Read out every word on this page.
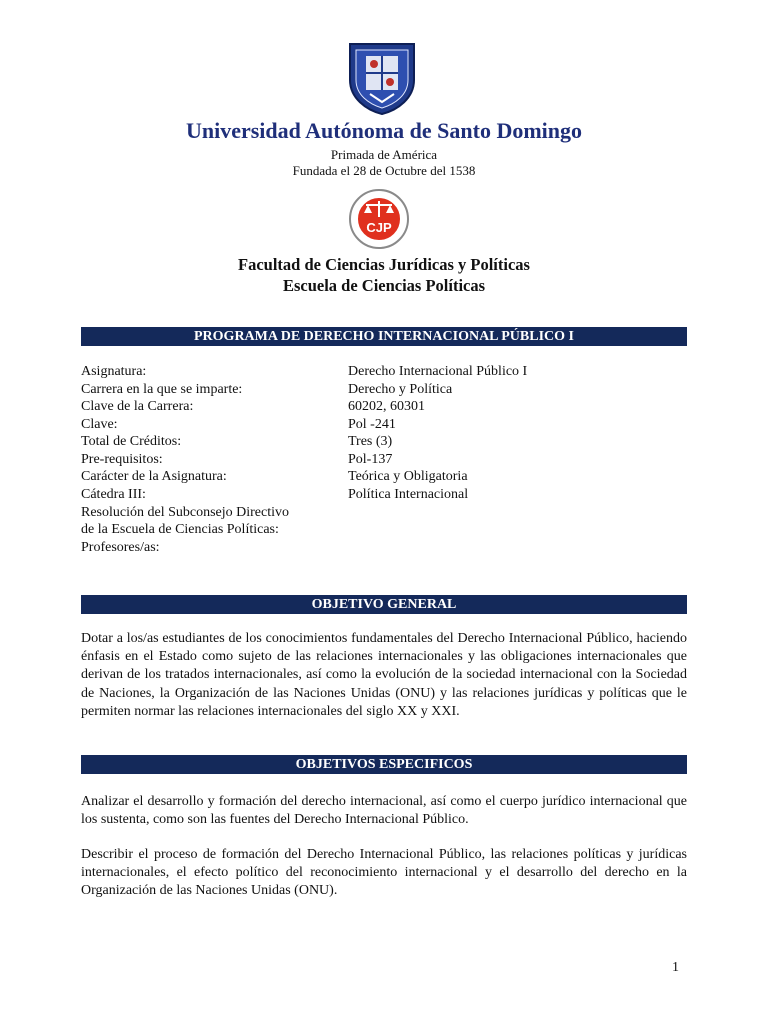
Universidad Autónoma de Santo Domingo
Primada de América
Fundada el 28 de Octubre del 1538
CJP
Facultad de Ciencias Jurídicas y Políticas
Escuela de Ciencias Políticas
PROGRAMA DE DERECHO INTERNACIONAL PÚBLICO I
Asignatura:	Derecho Internacional Público I
Carrera en la que se imparte:	Derecho y Política
Clave de la Carrera:	60202, 60301
Clave:	Pol -241
Total de Créditos:	Tres (3)
Pre-requisitos:	Pol-137
Carácter de la Asignatura:	Teórica y Obligatoria
Cátedra III:	Política Internacional
Resolución del Subconsejo Directivo
de la Escuela de Ciencias Políticas:
Profesores/as:
OBJETIVO GENERAL
Dotar a los/as estudiantes de los conocimientos fundamentales del Derecho Internacional Público, haciendo énfasis en el Estado como sujeto de las relaciones internacionales y las obligaciones internacionales que derivan de los tratados internacionales, así como la evolución de la sociedad internacional con la Sociedad de Naciones, la Organización de las Naciones Unidas (ONU) y las relaciones jurídicas y políticas que le permiten normar las relaciones internacionales del siglo XX y XXI.
OBJETIVOS ESPECIFICOS
Analizar el desarrollo y formación del derecho internacional, así como el cuerpo jurídico internacional que los sustenta, como son las fuentes del Derecho Internacional Público.
Describir el proceso de formación del Derecho Internacional Público, las relaciones políticas y jurídicas internacionales, el efecto político del reconocimiento internacional y el desarrollo del derecho en la Organización de las Naciones Unidas (ONU).
1
